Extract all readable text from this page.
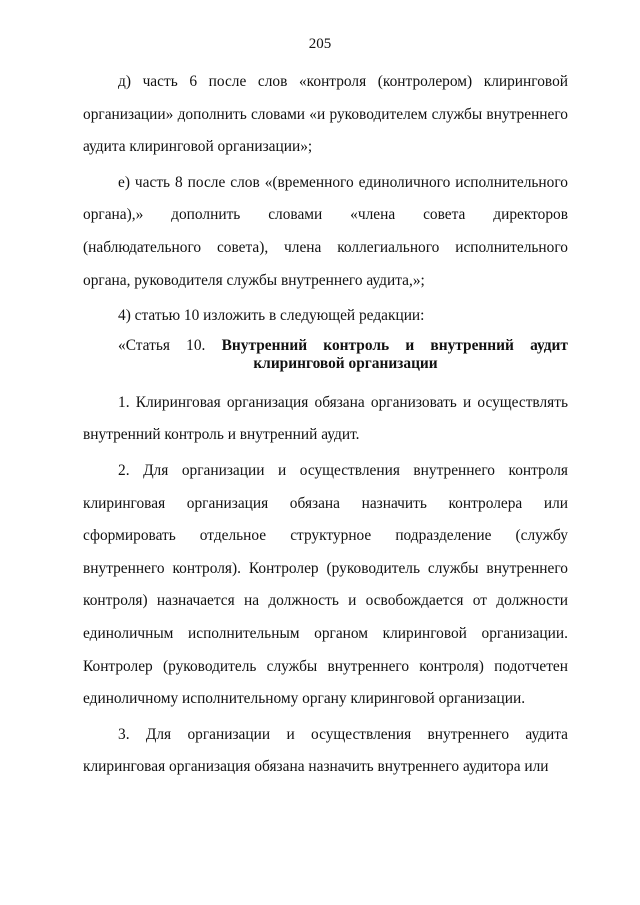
205

д) часть 6 после слов «контроля (контролером) клиринговой организации» дополнить словами «и руководителем службы внутреннего аудита клиринговой организации»;

е) часть 8 после слов «(временного единоличного исполнительного органа),» дополнить словами «члена совета директоров (наблюдательного совета), члена коллегиального исполнительного органа, руководителя службы внутреннего аудита,»;

4) статью 10 изложить в следующей редакции:

«Статья 10. Внутренний контроль и внутренний аудит
клиринговой организации

1. Клиринговая организация обязана организовать и осуществлять внутренний контроль и внутренний аудит.

2. Для организации и осуществления внутреннего контроля клиринговая организация обязана назначить контролера или сформировать отдельное структурное подразделение (службу внутреннего контроля). Контролер (руководитель службы внутреннего контроля) назначается на должность и освобождается от должности единоличным исполнительным органом клиринговой организации. Контролер (руководитель службы внутреннего контроля) подотчетен единоличному исполнительному органу клиринговой организации.

3. Для организации и осуществления внутреннего аудита клиринговая организация обязана назначить внутреннего аудитора или
